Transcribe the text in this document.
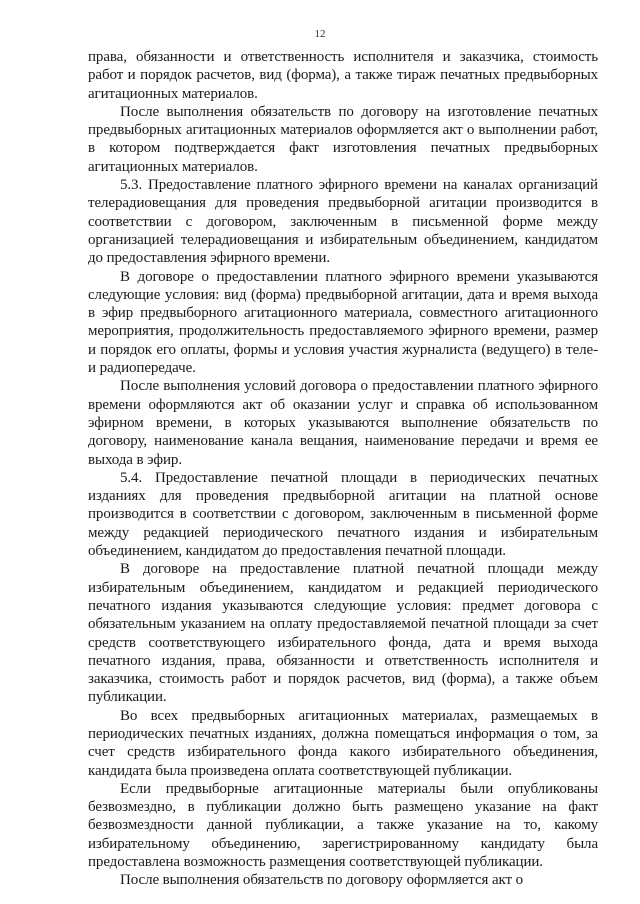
12

права, обязанности и ответственность исполнителя и заказчика, стоимость работ и порядок расчетов, вид (форма), а также тираж печатных предвыборных агитационных материалов.

После выполнения обязательств по договору на изготовление печатных предвыборных агитационных материалов оформляется акт о выполнении работ, в котором подтверждается факт изготовления печатных предвыборных агитационных материалов.

5.3. Предоставление платного эфирного времени на каналах организаций телерадиовещания для проведения предвыборной агитации производится в соответствии с договором, заключенным в письменной форме между организацией телерадиовещания и избирательным объединением, кандидатом до предоставления эфирного времени.

В договоре о предоставлении платного эфирного времени указываются следующие условия: вид (форма) предвыборной агитации, дата и время выхода в эфир предвыборного агитационного материала, совместного агитационного мероприятия, продолжительность предоставляемого эфирного времени, размер и порядок его оплаты, формы и условия участия журналиста (ведущего) в теле- и радиопередаче.

После выполнения условий договора о предоставлении платного эфирного времени оформляются акт об оказании услуг и справка об использованном эфирном времени, в которых указываются выполнение обязательств по договору, наименование канала вещания, наименование передачи и время ее выхода в эфир.

5.4. Предоставление печатной площади в периодических печатных изданиях для проведения предвыборной агитации на платной основе производится в соответствии с договором, заключенным в письменной форме между редакцией периодического печатного издания и избирательным объединением, кандидатом до предоставления печатной площади.

В договоре на предоставление платной печатной площади между избирательным объединением, кандидатом и редакцией периодического печатного издания указываются следующие условия: предмет договора с обязательным указанием на оплату предоставляемой печатной площади за счет средств соответствующего избирательного фонда, дата и время выхода печатного издания, права, обязанности и ответственность исполнителя и заказчика, стоимость работ и порядок расчетов, вид (форма), а также объем публикации.

Во всех предвыборных агитационных материалах, размещаемых в периодических печатных изданиях, должна помещаться информация о том, за счет средств избирательного фонда какого избирательного объединения, кандидата была произведена оплата соответствующей публикации.

Если предвыборные агитационные материалы были опубликованы безвозмездно, в публикации должно быть размещено указание на факт безвозмездности данной публикации, а также указание на то, какому избирательному объединению, зарегистрированному кандидату была предоставлена возможность размещения соответствующей публикации.

После выполнения обязательств по договору оформляется акт о
